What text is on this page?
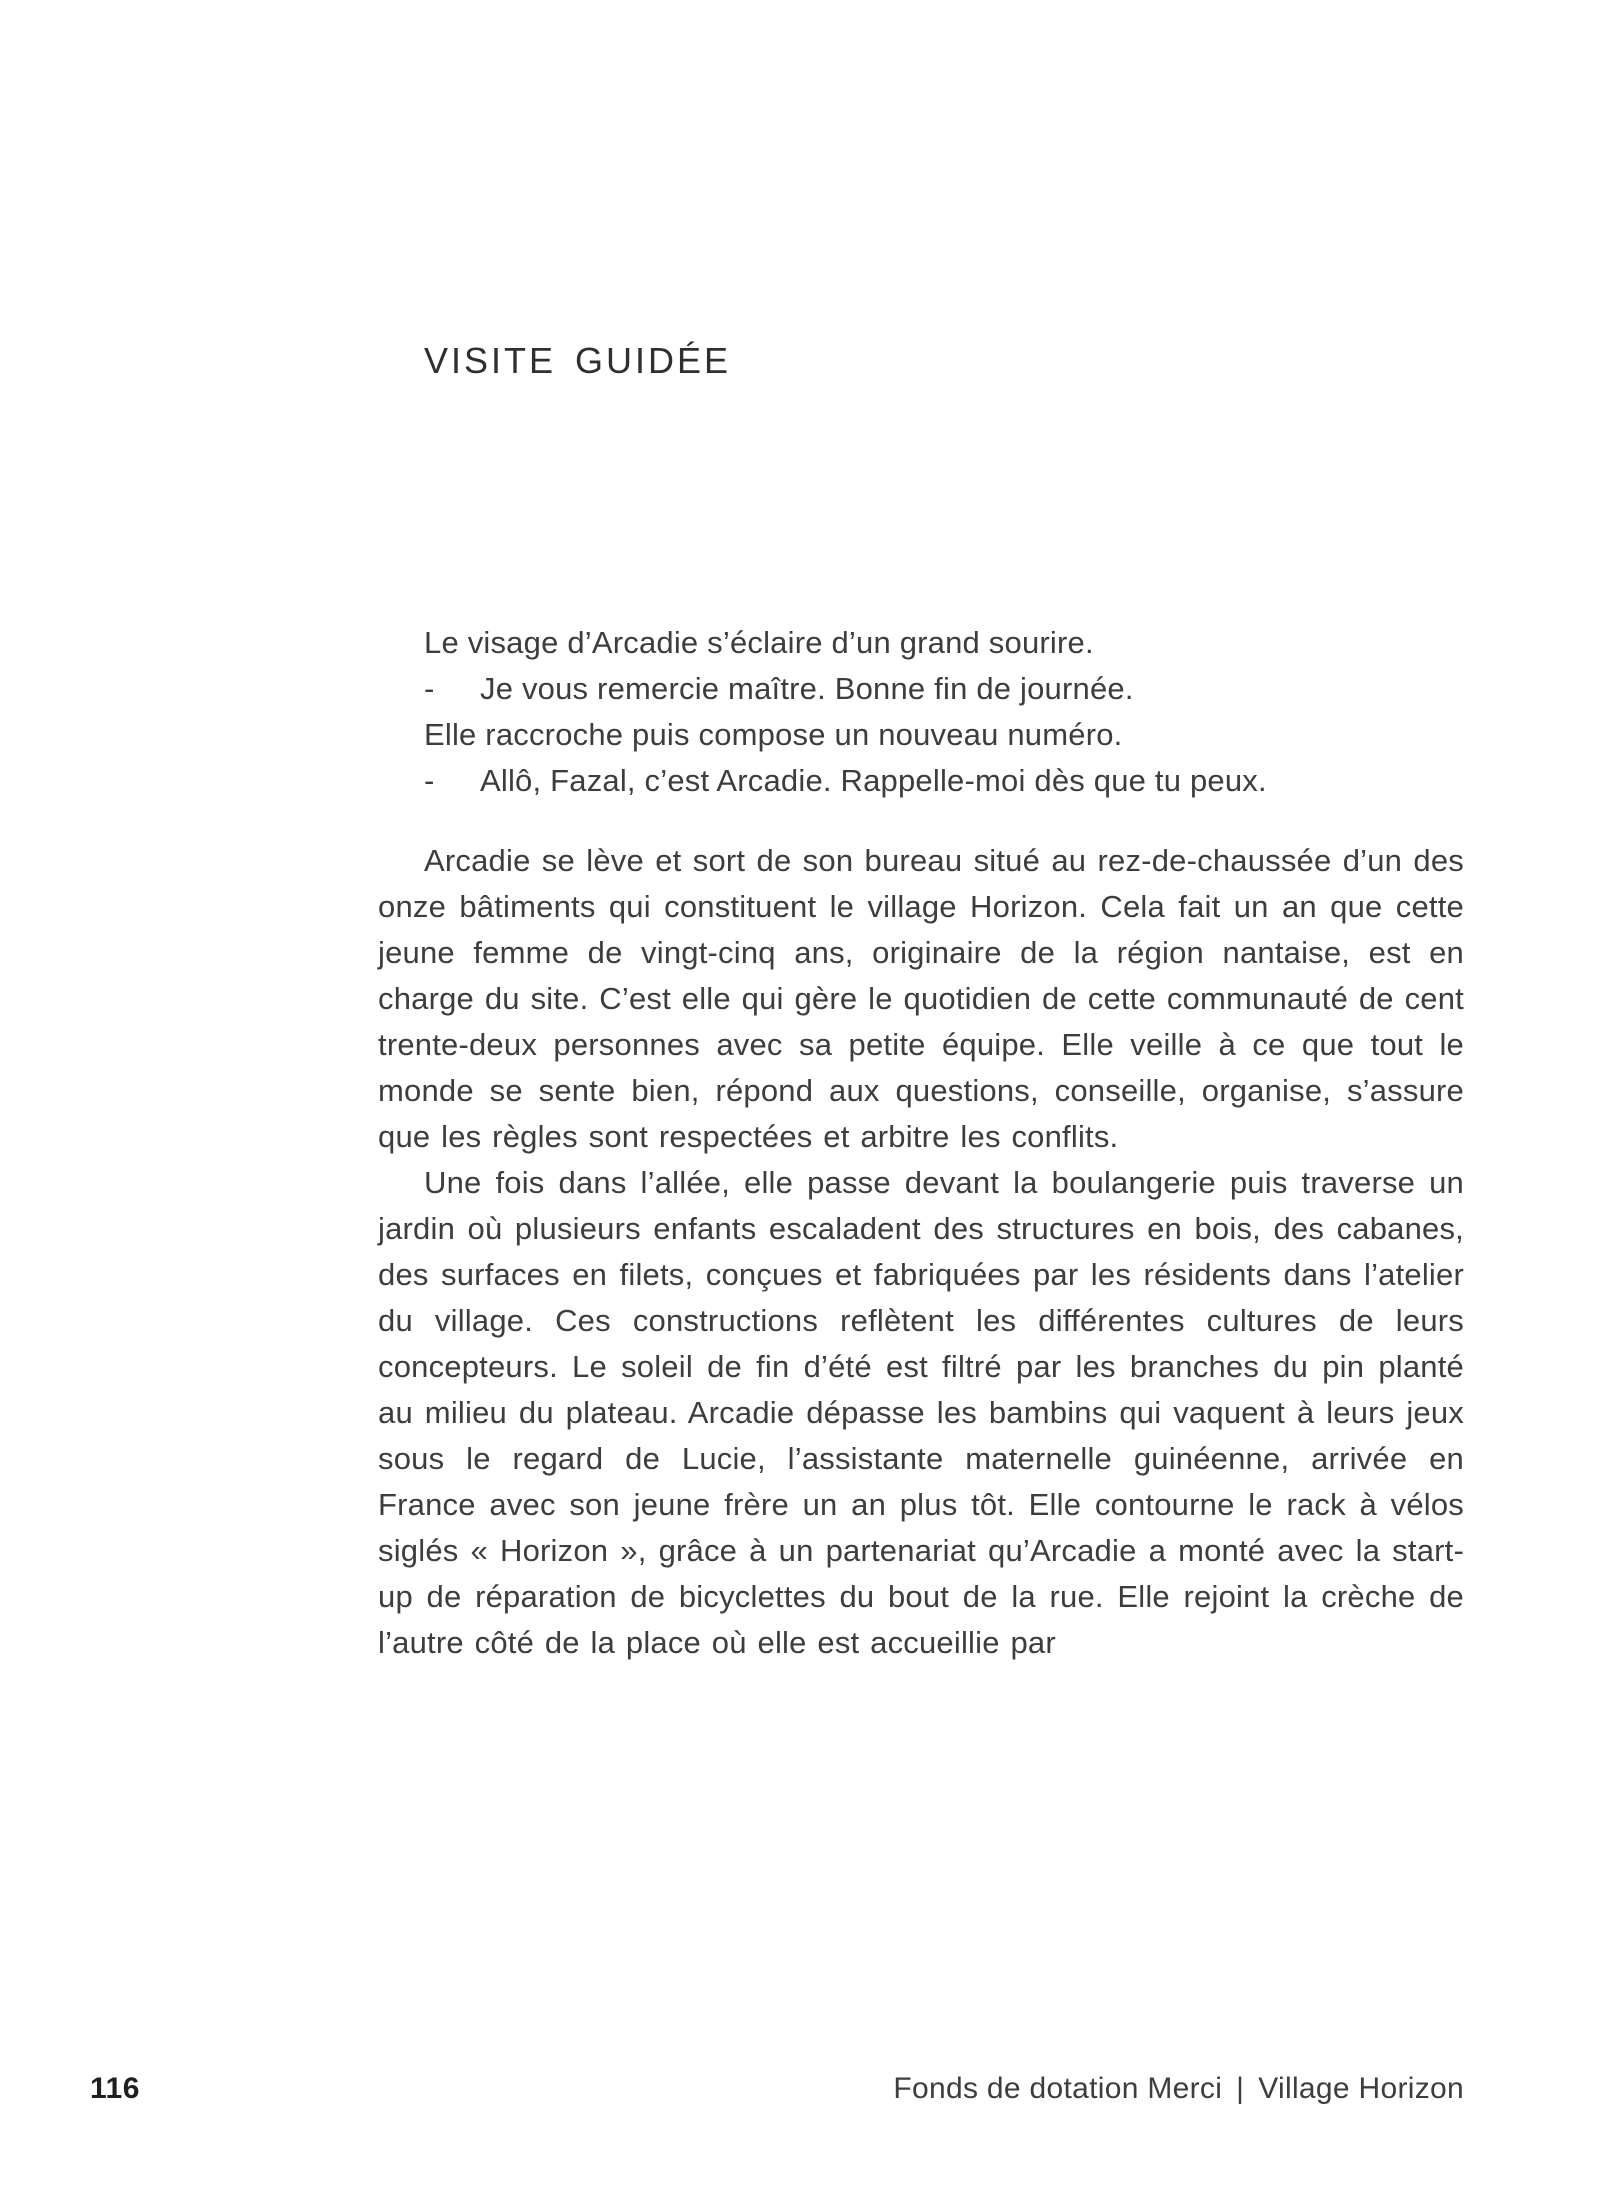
VISITE GUIDÉE
Le visage d’Arcadie s’éclaire d’un grand sourire.
- Je vous remercie maître. Bonne fin de journée.
Elle raccroche puis compose un nouveau numéro.
- Allô, Fazal, c’est Arcadie. Rappelle-moi dès que tu peux.

Arcadie se lève et sort de son bureau situé au rez-de-chaussée d’un des onze bâtiments qui constituent le village Horizon. Cela fait un an que cette jeune femme de vingt-cinq ans, originaire de la région nantaise, est en charge du site. C’est elle qui gère le quotidien de cette communauté de cent trente-deux personnes avec sa petite équipe. Elle veille à ce que tout le monde se sente bien, répond aux questions, conseille, organise, s’assure que les règles sont respectées et arbitre les conflits.

Une fois dans l’allée, elle passe devant la boulangerie puis traverse un jardin où plusieurs enfants escaladent des structures en bois, des cabanes, des surfaces en filets, conçues et fabriquées par les résidents dans l’atelier du village. Ces constructions reflètent les différentes cultures de leurs concepteurs. Le soleil de fin d’été est filtré par les branches du pin planté au milieu du plateau. Arcadie dépasse les bambins qui vaquent à leurs jeux sous le regard de Lucie, l’assistante maternelle guinéenne, arrivée en France avec son jeune frère un an plus tôt. Elle contourne le rack à vélos siglés « Horizon », grâce à un partenariat qu’Arcadie a monté avec la start-up de réparation de bicyclettes du bout de la rue. Elle rejoint la crèche de l’autre côté de la place où elle est accueillie par

116	Fonds de dotation Merci | Village Horizon
